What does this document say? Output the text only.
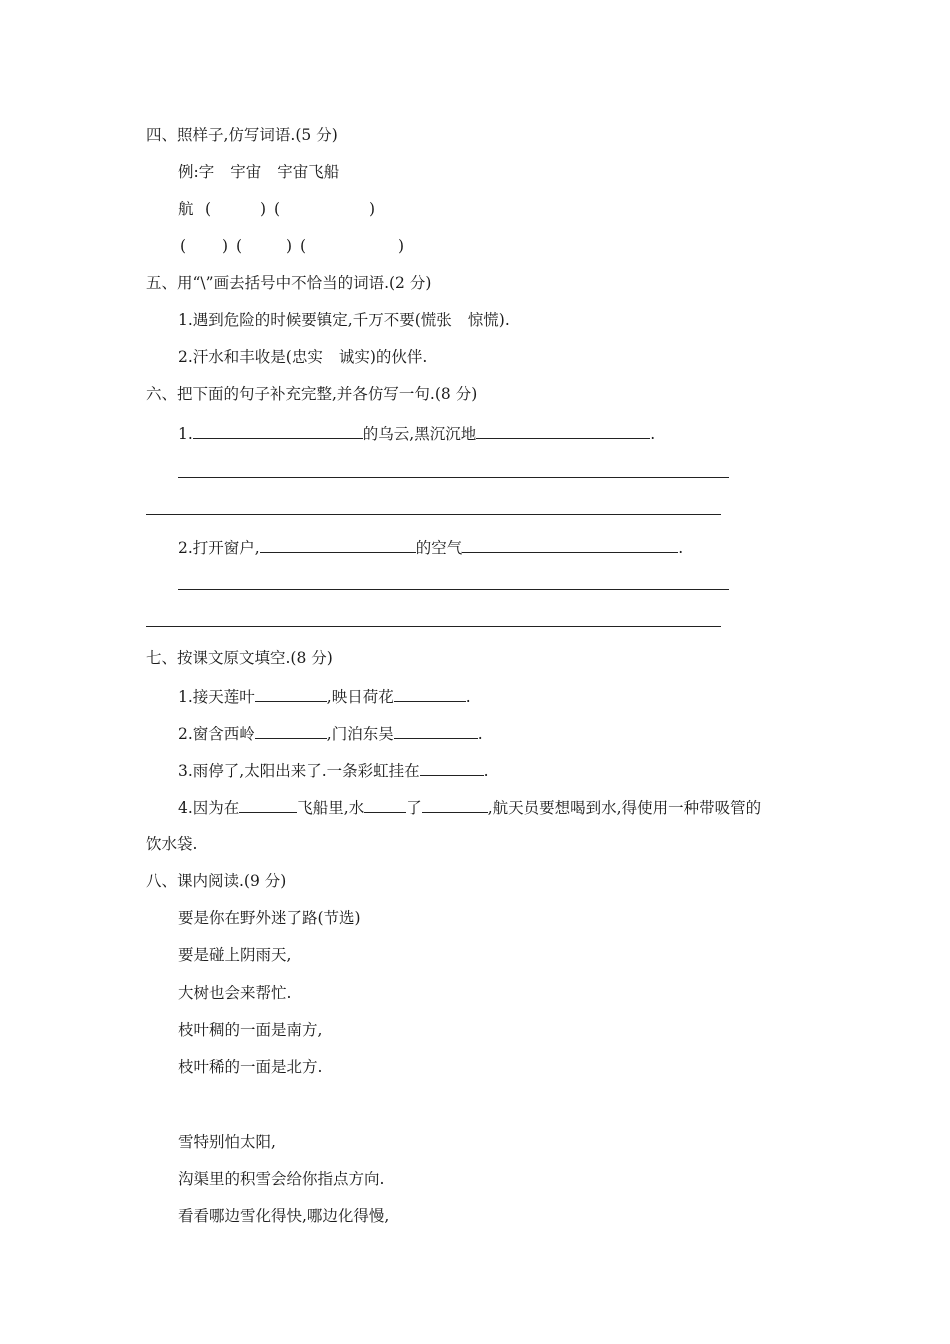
四、照样子,仿写词语.(5 分)
例:字 宇宙 宇宙飞船
航 (	) (	)
( ) (	) (	)
五、用“\”画去括号中不恰当的词语.(2 分)
1.遇到危险的时候要镇定,千万不要(慌张 惊慌).
2.汗水和丰收是(忠实 诚实)的伙伴.
六、把下面的句子补充完整,并各仿写一句.(8 分)
1.	的乌云,黑沉沉地	.
2.打开窗户,	的空气	.
七、按课文原文填空.(8 分)
1.接天莲叶	,映日荷花	.
2.窗含西岭	,门泊东吴	.
3.雨停了,太阳出来了.一条彩虹挂在	.
4.因为在	飞船里,水	了	,航天员要想喝到水,得使用一种带吸管的
饮水袋.
八、课内阅读.(9 分)
要是你在野外迷了路(节选)
要是碰上阴雨天,
大树也会来帮忙.
枝叶稠的一面是南方,
枝叶稀的一面是北方.
雪特别怕太阳,
沟渠里的积雪会给你指点方向.
看看哪边雪化得快,哪边化得慢,
